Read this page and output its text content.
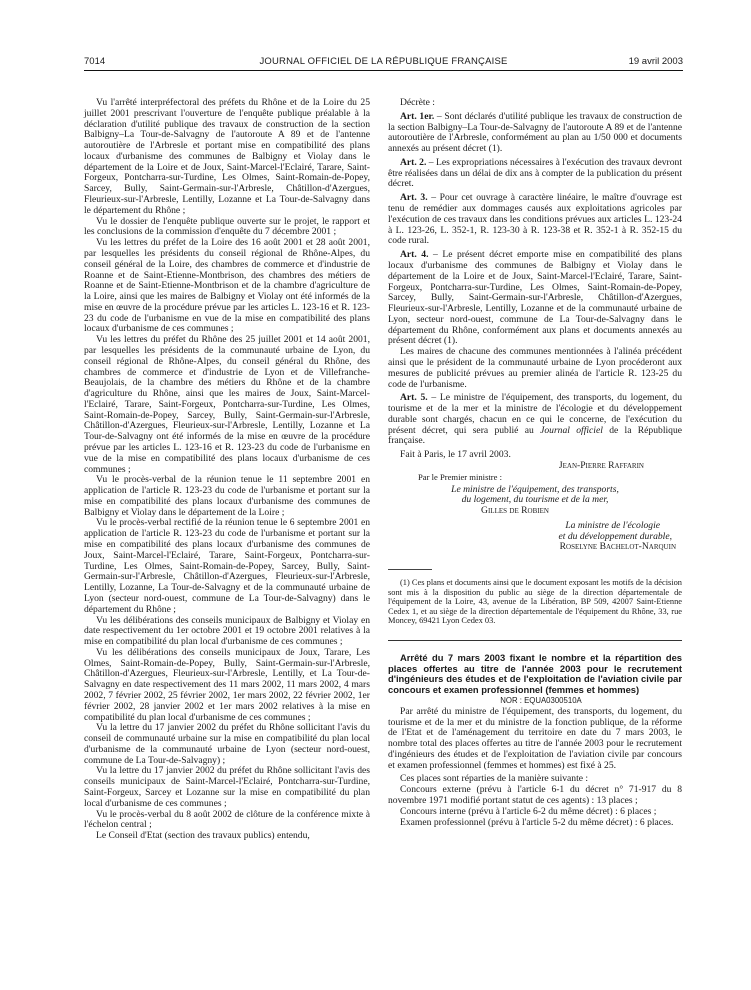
7014	JOURNAL OFFICIEL DE LA RÉPUBLIQUE FRANÇAISE	19 avril 2003

Vu l'arrêté interpréfectoral des préfets du Rhône et de la Loire du 25 juillet 2001 prescrivant l'ouverture de l'enquête publique préalable à la déclaration d'utilité publique des travaux de construction de la section Balbigny–La Tour-de-Salvagny de l'autoroute A 89 et de l'antenne autoroutière de l'Arbresle et portant mise en compatibilité des plans locaux d'urbanisme des communes de Balbigny et Violay dans le département de la Loire et de Joux, Saint-Marcel-l'Eclairé, Tarare, Saint-Forgeux, Pontcharra-sur-Turdine, Les Olmes, Saint-Romain-de-Popey, Sarcey, Bully, Saint-Germain-sur-l'Arbresle, Châtillon-d'Azergues, Fleurieux-sur-l'Arbresle, Lentilly, Lozanne et La Tour-de-Salvagny dans le département du Rhône ;

Vu le dossier de l'enquête publique ouverte sur le projet, le rapport et les conclusions de la commission d'enquête du 7 décembre 2001 ;

Vu les lettres du préfet de la Loire des 16 août 2001 et 28 août 2001, par lesquelles les présidents du conseil régional de Rhône-Alpes, du conseil général de la Loire, des chambres de commerce et d'industrie de Roanne et de Saint-Etienne-Montbrison, des chambres des métiers de Roanne et de Saint-Etienne-Montbrison et de la chambre d'agriculture de la Loire, ainsi que les maires de Balbigny et Violay ont été informés de la mise en œuvre de la procédure prévue par les articles L. 123-16 et R. 123-23 du code de l'urbanisme en vue de la mise en compatibilité des plans locaux d'urbanisme de ces communes ;

Vu les lettres du préfet du Rhône des 25 juillet 2001 et 14 août 2001, par lesquelles les présidents de la communauté urbaine de Lyon, du conseil régional de Rhône-Alpes, du conseil général du Rhône, des chambres de commerce et d'industrie de Lyon et de Villefranche-Beaujolais, de la chambre des métiers du Rhône et de la chambre d'agriculture du Rhône, ainsi que les maires de Joux, Saint-Marcel-l'Eclairé, Tarare, Saint-Forgeux, Pontcharra-sur-Turdine, Les Olmes, Saint-Romain-de-Popey, Sarcey, Bully, Saint-Germain-sur-l'Arbresle, Châtillon-d'Azergues, Fleurieux-sur-l'Arbresle, Lentilly, Lozanne et La Tour-de-Salvagny ont été informés de la mise en œuvre de la procédure prévue par les articles L. 123-16 et R. 123-23 du code de l'urbanisme en vue de la mise en compatibilité des plans locaux d'urbanisme de ces communes ;

Vu le procès-verbal de la réunion tenue le 11 septembre 2001 en application de l'article R. 123-23 du code de l'urbanisme et portant sur la mise en compatibilité des plans locaux d'urbanisme des communes de Balbigny et Violay dans le département de la Loire ;

Vu le procès-verbal rectifié de la réunion tenue le 6 septembre 2001 en application de l'article R. 123-23 du code de l'urbanisme et portant sur la mise en compatibilité des plans locaux d'urbanisme des communes de Joux, Saint-Marcel-l'Eclairé, Tarare, Saint-Forgeux, Pontcharra-sur-Turdine, Les Olmes, Saint-Romain-de-Popey, Sarcey, Bully, Saint-Germain-sur-l'Arbresle, Châtillon-d'Azergues, Fleurieux-sur-l'Arbresle, Lentilly, Lozanne, La Tour-de-Salvagny et de la communauté urbaine de Lyon (secteur nord-ouest, commune de La Tour-de-Salvagny) dans le département du Rhône ;

Vu les délibérations des conseils municipaux de Balbigny et Violay en date respectivement du 1er octobre 2001 et 19 octobre 2001 relatives à la mise en compatibilité du plan local d'urbanisme de ces communes ;

Vu les délibérations des conseils municipaux de Joux, Tarare, Les Olmes, Saint-Romain-de-Popey, Bully, Saint-Germain-sur-l'Arbresle, Châtillon-d'Azergues, Fleurieux-sur-l'Arbresle, Lentilly, et La Tour-de-Salvagny en date respectivement des 11 mars 2002, 11 mars 2002, 4 mars 2002, 7 février 2002, 25 février 2002, 1er mars 2002, 22 février 2002, 1er février 2002, 28 janvier 2002 et 1er mars 2002 relatives à la mise en compatibilité du plan local d'urbanisme de ces communes ;

Vu la lettre du 17 janvier 2002 du préfet du Rhône sollicitant l'avis du conseil de communauté urbaine sur la mise en compatibilité du plan local d'urbanisme de la communauté urbaine de Lyon (secteur nord-ouest, commune de La Tour-de-Salvagny) ;

Vu la lettre du 17 janvier 2002 du préfet du Rhône sollicitant l'avis des conseils municipaux de Saint-Marcel-l'Eclairé, Pontcharra-sur-Turdine, Saint-Forgeux, Sarcey et Lozanne sur la mise en compatibilité du plan local d'urbanisme de ces communes ;

Vu le procès-verbal du 8 août 2002 de clôture de la conférence mixte à l'échelon central ;

Le Conseil d'Etat (section des travaux publics) entendu,

Décrète :

Art. 1er. – Sont déclarés d'utilité publique les travaux de construction de la section Balbigny–La Tour-de-Salvagny de l'autoroute A 89 et de l'antenne autoroutière de l'Arbresle, conformément au plan au 1/50 000 et documents annexés au présent décret (1).

Art. 2. – Les expropriations nécessaires à l'exécution des travaux devront être réalisées dans un délai de dix ans à compter de la publication du présent décret.

Art. 3. – Pour cet ouvrage à caractère linéaire, le maître d'ouvrage est tenu de remédier aux dommages causés aux exploitations agricoles par l'exécution de ces travaux dans les conditions prévues aux articles L. 123-24 à L. 123-26, L. 352-1, R. 123-30 à R. 123-38 et R. 352-1 à R. 352-15 du code rural.

Art. 4. – Le présent décret emporte mise en compatibilité des plans locaux d'urbanisme des communes de Balbigny et Violay dans le département de la Loire et de Joux, Saint-Marcel-l'Eclairé, Tarare, Saint-Forgeux, Pontcharra-sur-Turdine, Les Olmes, Saint-Romain-de-Popey, Sarcey, Bully, Saint-Germain-sur-l'Arbresle, Châtillon-d'Azergues, Fleurieux-sur-l'Arbresle, Lentilly, Lozanne et de la communauté urbaine de Lyon, secteur nord-ouest, commune de La Tour-de-Salvagny dans le département du Rhône, conformément aux plans et documents annexés au présent décret (1).

Les maires de chacune des communes mentionnées à l'alinéa précédent ainsi que le président de la communauté urbaine de Lyon procéderont aux mesures de publicité prévues au premier alinéa de l'article R. 123-25 du code de l'urbanisme.

Art. 5. – Le ministre de l'équipement, des transports, du logement, du tourisme et de la mer et la ministre de l'écologie et du développement durable sont chargés, chacun en ce qui le concerne, de l'exécution du présent décret, qui sera publié au Journal officiel de la République française.

Fait à Paris, le 17 avril 2003.

Jean-Pierre Raffarin

Par le Premier ministre :

Le ministre de l'équipement, des transports,

du logement, du tourisme et de la mer,

Gilles de Robien

La ministre de l'écologie

et du développement durable,

Roselyne Bachelot-Narquin

(1) Ces plans et documents ainsi que le document exposant les motifs de la décision sont mis à la disposition du public au siège de la direction départementale de l'équipement de la Loire, 43, avenue de la Libération, BP 509, 42007 Saint-Etienne Cedex 1, et au siège de la direction départementale de l'équipement du Rhône, 33, rue Moncey, 69421 Lyon Cedex 03.

Arrêté du 7 mars 2003 fixant le nombre et la répartition des places offertes au titre de l'année 2003 pour le recrutement d'ingénieurs des études et de l'exploitation de l'aviation civile par concours et examen professionnel (femmes et hommes)

NOR : EQUA0300510A

Par arrêté du ministre de l'équipement, des transports, du logement, du tourisme et de la mer et du ministre de la fonction publique, de la réforme de l'Etat et de l'aménagement du territoire en date du 7 mars 2003, le nombre total des places offertes au titre de l'année 2003 pour le recrutement d'ingénieurs des études et de l'exploitation de l'aviation civile par concours et examen professionnel (femmes et hommes) est fixé à 25.

Ces places sont réparties de la manière suivante :

Concours externe (prévu à l'article 6-1 du décret n° 71-917 du 8 novembre 1971 modifié portant statut de ces agents) : 13 places ;

Concours interne (prévu à l'article 6-2 du même décret) : 6 places ;

Examen professionnel (prévu à l'article 5-2 du même décret) : 6 places.
